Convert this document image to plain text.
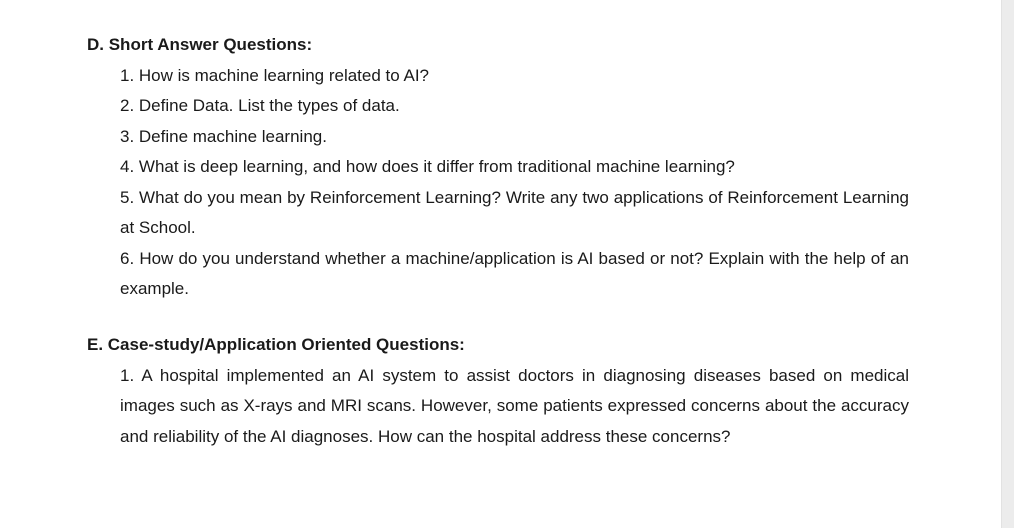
D. Short Answer Questions:

1. How is machine learning related to AI?
2. Define Data. List the types of data.
3. Define machine learning.
4. What is deep learning, and how does it differ from traditional machine learning?
5. What do you mean by Reinforcement Learning? Write any two applications of Reinforcement Learning at School.
6. How do you understand whether a machine/application is AI based or not? Explain with the help of an example.

E. Case-study/Application Oriented Questions:

1. A hospital implemented an AI system to assist doctors in diagnosing diseases based on medical images such as X-rays and MRI scans. However, some patients expressed concerns about the accuracy and reliability of the AI diagnoses. How can the hospital address these concerns?
